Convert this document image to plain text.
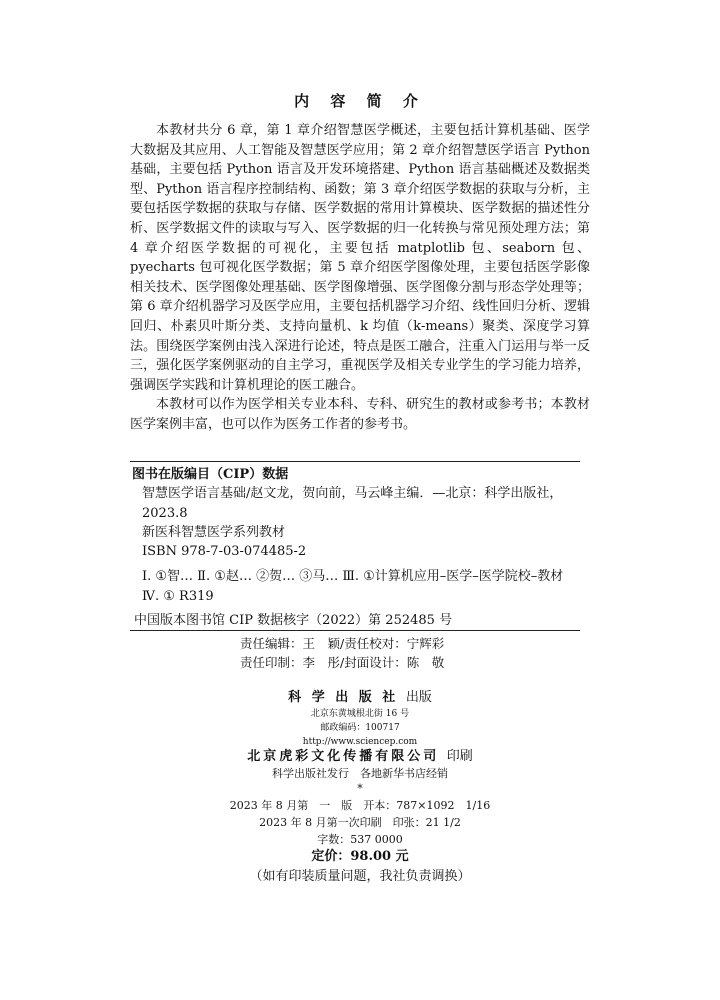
内 容 简 介

本教材共分 6 章，第 1 章介绍智慧医学概述，主要包括计算机基础、医学大数据及其应用、人工智能及智慧医学应用；第 2 章介绍智慧医学语言 Python 基础，主要包括 Python 语言及开发环境搭建、Python 语言基础概述及数据类型、Python 语言程序控制结构、函数；第 3 章介绍医学数据的获取与分析，主要包括医学数据的获取与存储、医学数据的常用计算模块、医学数据的描述性分析、医学数据文件的读取与写入、医学数据的归一化转换与常见预处理方法；第 4 章介绍医学数据的可视化，主要包括 matplotlib 包、seaborn 包、pyecharts 包可视化医学数据；第 5 章介绍医学图像处理，主要包括医学影像相关技术、医学图像处理基础、医学图像增强、医学图像分割与形态学处理等；第 6 章介绍机器学习及医学应用，主要包括机器学习介绍、线性回归分析、逻辑回归、朴素贝叶斯分类、支持向量机、k 均值（k-means）聚类、深度学习算法。围绕医学案例由浅入深进行论述，特点是医工融合，注重入门运用与举一反三，强化医学案例驱动的自主学习，重视医学及相关专业学生的学习能力培养，强调医学实践和计算机理论的医工融合。

本教材可以作为医学相关专业本科、专科、研究生的教材或参考书；本教材医学案例丰富，也可以作为医务工作者的参考书。

图书在版编目（CIP）数据
智慧医学语言基础/赵文龙，贺向前，马云峰主编．—北京：科学出版社，2023.8
新医科智慧医学系列教材
ISBN 978-7-03-074485-2
Ⅰ. ①智… Ⅱ. ①赵… ②贺… ③马… Ⅲ. ①计算机应用–医学–医学院校–教材 Ⅳ. ① R319
中国版本图书馆 CIP 数据核字（2022）第 252485 号
责任编辑：王　颖/责任校对：宁辉彩
责任印制：李　彤/封面设计：陈　敬
科 学 出 版 社 出版
北京东黄城根北街 16 号
邮政编码：100717
http://www.sciencep.com
北京虎彩文化传播有限公司 印刷
科学出版社发行　各地新华书店经销
*
2023 年 8 月第　一　版　开本：787×1092　1/16
2023 年 8 月第一次印刷　印张：21 1/2
字数：537 0000
定价：98.00 元
（如有印装质量问题，我社负责调换）
